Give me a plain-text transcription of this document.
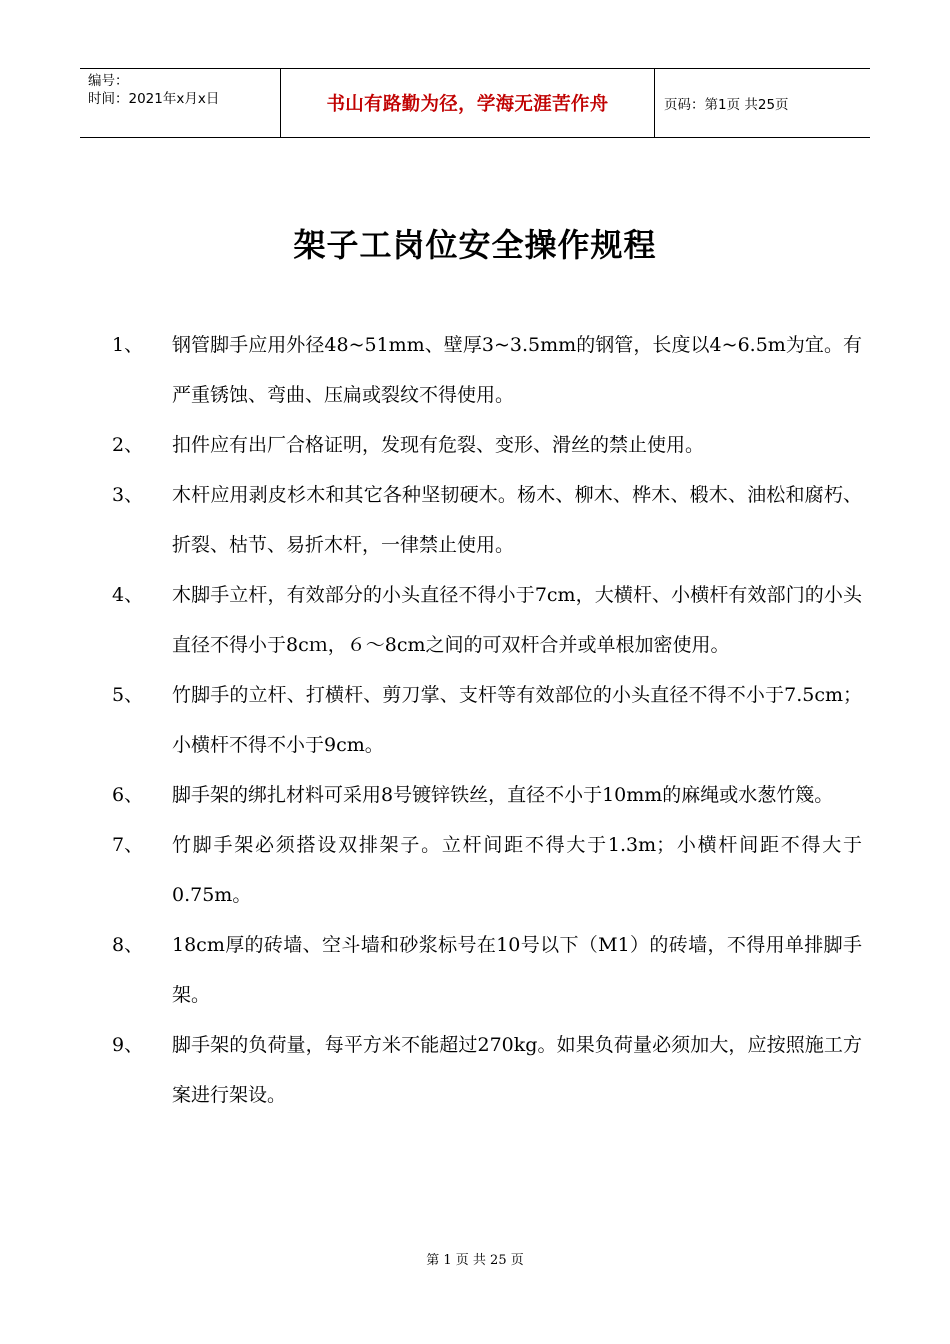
编号：
时间：2021年x月x日	书山有路勤为径，学海无涯苦作舟	页码：第1页 共25页
架子工岗位安全操作规程
1、	钢管脚手应用外径48~51mm、壁厚3~3.5mm的钢管，长度以4~6.5m为宜。有严重锈蚀、弯曲、压扁或裂纹不得使用。
2、	扣件应有出厂合格证明，发现有危裂、变形、滑丝的禁止使用。
3、	木杆应用剥皮杉木和其它各种坚韧硬木。杨木、柳木、桦木、椴木、油松和腐朽、折裂、枯节、易折木杆，一律禁止使用。
4、	木脚手立杆，有效部分的小头直径不得小于7cm，大横杆、小横杆有效部门的小头直径不得小于8cｍ，６～8cm之间的可双杆合并或单根加密使用。
5、	竹脚手的立杆、打横杆、剪刀掌、支杆等有效部位的小头直径不得不小于7.5cm；小横杆不得不小于9cm。
6、	脚手架的绑扎材料可采用8号镀锌铁丝，直径不小于10mm的麻绳或水葱竹篾。
7、	竹脚手架必须搭设双排架子。立杆间距不得大于1.3m；小横杆间距不得大于0.75m。
8、	18cm厚的砖墙、空斗墙和砂浆标号在10号以下（M1）的砖墙，不得用单排脚手架。
9、	脚手架的负荷量，每平方米不能超过270kg。如果负荷量必须加大，应按照施工方案进行架设。
第 1 页 共 25 页
